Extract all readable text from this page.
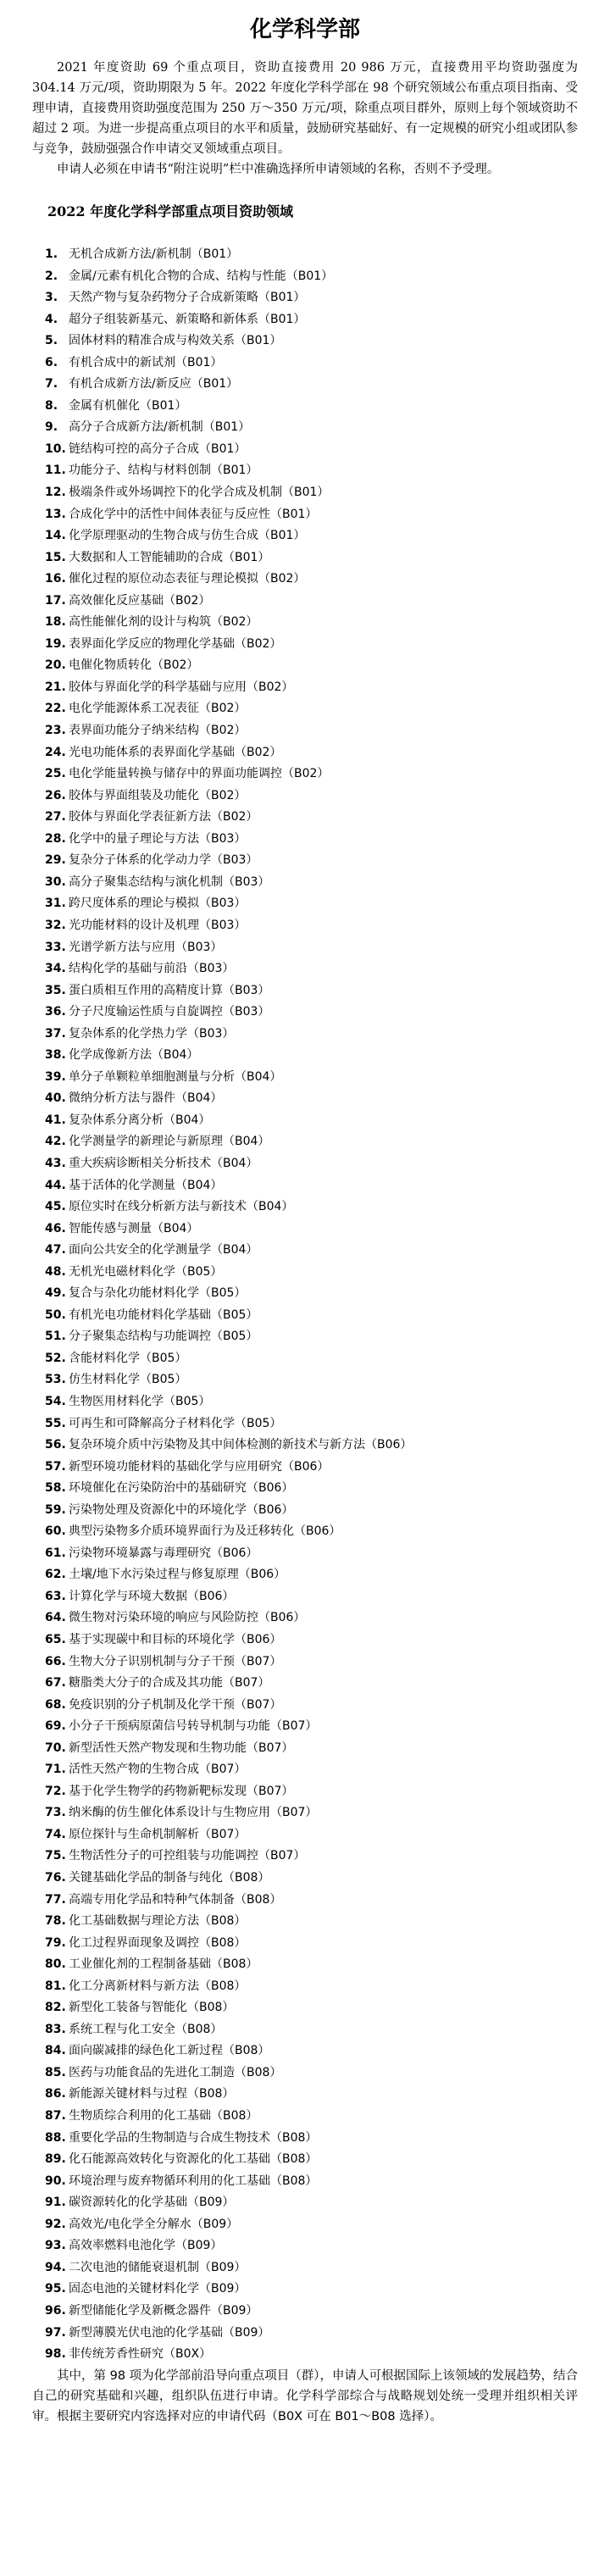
化学科学部

2021 年度资助 69 个重点项目，资助直接费用 20 986 万元，直接费用平均资助强度为 304.14 万元/项，资助期限为 5 年。2022 年度化学科学部在 98 个研究领域公布重点项目指南、受理申请，直接费用资助强度范围为 250 万～350 万元/项，除重点项目群外，原则上每个领域资助不超过 2 项。为进一步提高重点项目的水平和质量，鼓励研究基础好、有一定规模的研究小组或团队参与竞争，鼓励强强合作申请交叉领域重点项目。

申请人必须在申请书“附注说明”栏中准确选择所申请领域的名称，否则不予受理。

2022 年度化学科学部重点项目资助领域
1. 无机合成新方法/新机制（B01）
2. 金属/元素有机化合物的合成、结构与性能（B01）
3. 天然产物与复杂药物分子合成新策略（B01）
4. 超分子组装新基元、新策略和新体系（B01）
5. 固体材料的精准合成与构效关系（B01）
6. 有机合成中的新试剂（B01）
7. 有机合成新方法/新反应（B01）
8. 金属有机催化（B01）
9. 高分子合成新方法/新机制（B01）
10. 链结构可控的高分子合成（B01）
11. 功能分子、结构与材料创制（B01）
12. 极端条件或外场调控下的化学合成及机制（B01）
13. 合成化学中的活性中间体表征与反应性（B01）
14. 化学原理驱动的生物合成与仿生合成（B01）
15. 大数据和人工智能辅助的合成（B01）
16. 催化过程的原位动态表征与理论模拟（B02）
17. 高效催化反应基础（B02）
18. 高性能催化剂的设计与构筑（B02）
19. 表界面化学反应的物理化学基础（B02）
20. 电催化物质转化（B02）
21. 胶体与界面化学的科学基础与应用（B02）
22. 电化学能源体系工况表征（B02）
23. 表界面功能分子纳米结构（B02）
24. 光电功能体系的表界面化学基础（B02）
25. 电化学能量转换与储存中的界面功能调控（B02）
26. 胶体与界面组装及功能化（B02）
27. 胶体与界面化学表征新方法（B02）
28. 化学中的量子理论与方法（B03）
29. 复杂分子体系的化学动力学（B03）
30. 高分子聚集态结构与演化机制（B03）
31. 跨尺度体系的理论与模拟（B03）
32. 光功能材料的设计及机理（B03）
33. 光谱学新方法与应用（B03）
34. 结构化学的基础与前沿（B03）
35. 蛋白质相互作用的高精度计算（B03）
36. 分子尺度输运性质与自旋调控（B03）
37. 复杂体系的化学热力学（B03）
38. 化学成像新方法（B04）
39. 单分子单颗粒单细胞测量与分析（B04）
40. 微纳分析方法与器件（B04）
41. 复杂体系分离分析（B04）
42. 化学测量学的新理论与新原理（B04）
43. 重大疾病诊断相关分析技术（B04）
44. 基于活体的化学测量（B04）
45. 原位实时在线分析新方法与新技术（B04）
46. 智能传感与测量（B04）
47. 面向公共安全的化学测量学（B04）
48. 无机光电磁材料化学（B05）
49. 复合与杂化功能材料化学（B05）
50. 有机光电功能材料化学基础（B05）
51. 分子聚集态结构与功能调控（B05）
52. 含能材料化学（B05）
53. 仿生材料化学（B05）
54. 生物医用材料化学（B05）
55. 可再生和可降解高分子材料化学（B05）
56. 复杂环境介质中污染物及其中间体检测的新技术与新方法（B06）
57. 新型环境功能材料的基础化学与应用研究（B06）
58. 环境催化在污染防治中的基础研究（B06）
59. 污染物处理及资源化中的环境化学（B06）
60. 典型污染物多介质环境界面行为及迁移转化（B06）
61. 污染物环境暴露与毒理研究（B06）
62. 土壤/地下水污染过程与修复原理（B06）
63. 计算化学与环境大数据（B06）
64. 微生物对污染环境的响应与风险防控（B06）
65. 基于实现碳中和目标的环境化学（B06）
66. 生物大分子识别机制与分子干预（B07）
67. 糖脂类大分子的合成及其功能（B07）
68. 免疫识别的分子机制及化学干预（B07）
69. 小分子干预病原菌信号转导机制与功能（B07）
70. 新型活性天然产物发现和生物功能（B07）
71. 活性天然产物的生物合成（B07）
72. 基于化学生物学的药物新靶标发现（B07）
73. 纳米酶的仿生催化体系设计与生物应用（B07）
74. 原位探针与生命机制解析（B07）
75. 生物活性分子的可控组装与功能调控（B07）
76. 关键基础化学品的制备与纯化（B08）
77. 高端专用化学品和特种气体制备（B08）
78. 化工基础数据与理论方法（B08）
79. 化工过程界面现象及调控（B08）
80. 工业催化剂的工程制备基础（B08）
81. 化工分离新材料与新方法（B08）
82. 新型化工装备与智能化（B08）
83. 系统工程与化工安全（B08）
84. 面向碳减排的绿色化工新过程（B08）
85. 医药与功能食品的先进化工制造（B08）
86. 新能源关键材料与过程（B08）
87. 生物质综合利用的化工基础（B08）
88. 重要化学品的生物制造与合成生物技术（B08）
89. 化石能源高效转化与资源化的化工基础（B08）
90. 环境治理与废弃物循环利用的化工基础（B08）
91. 碳资源转化的化学基础（B09）
92. 高效光/电化学全分解水（B09）
93. 高效率燃料电池化学（B09）
94. 二次电池的储能衰退机制（B09）
95. 固态电池的关键材料化学（B09）
96. 新型储能化学及新概念器件（B09）
97. 新型薄膜光伏电池的化学基础（B09）
98. 非传统芳香性研究（B0X）

其中，第 98 项为化学部前沿导向重点项目（群），申请人可根据国际上该领域的发展趋势，结合自己的研究基础和兴趣，组织队伍进行申请。化学科学部综合与战略规划处统一受理并组织相关评审。根据主要研究内容选择对应的申请代码（B0X 可在 B01～B08 选择）。
